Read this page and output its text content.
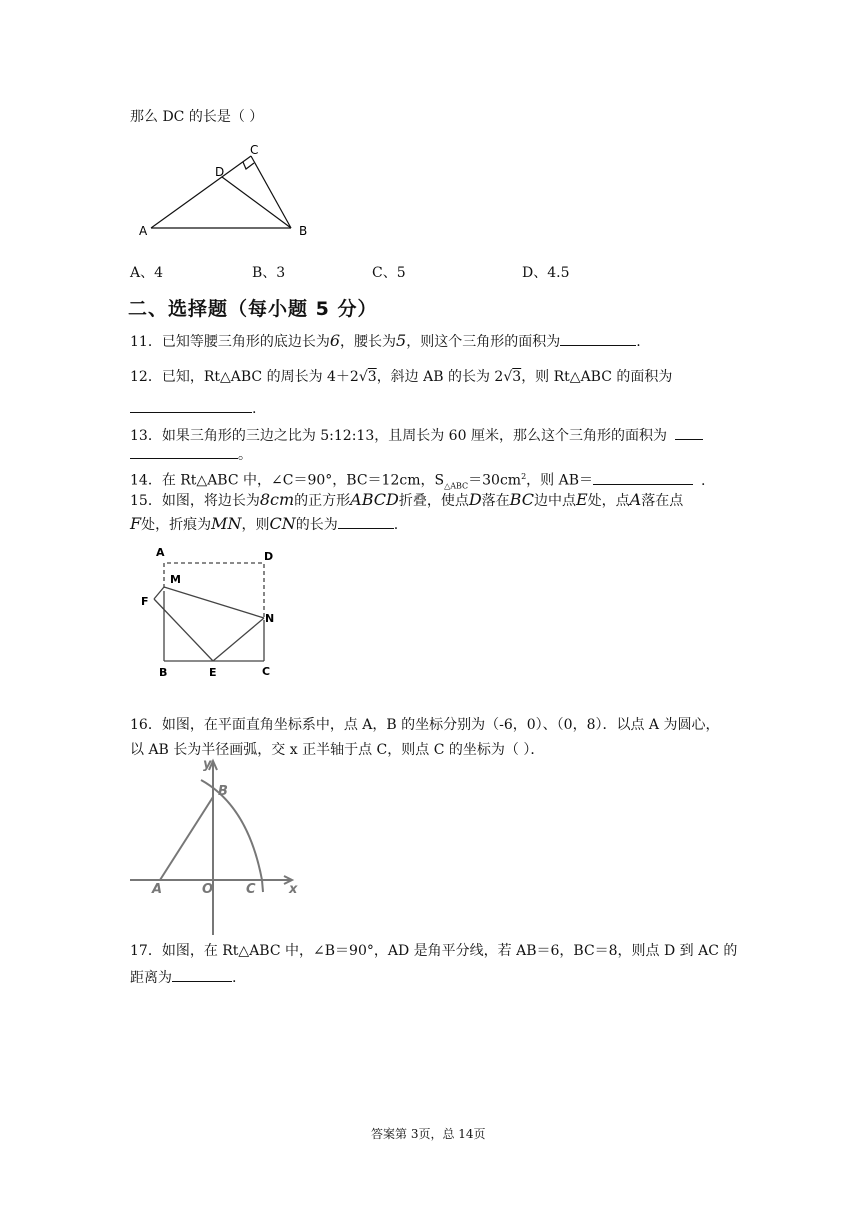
那么 DC 的长是（ ）
A	B
C
D
A、4	B、3	C、5	D、4.5
二、选择题（每小题 5 分）
11．已知等腰三角形的底边长为6，腰长为5，则这个三角形的面积为	.
12．已知，Rt△ABC 的周长为 4＋2√3，斜边 AB 的长为 2√3，则 Rt△ABC 的面积为
.
13．如果三角形的三边之比为 5:12:13，且周长为 60 厘米，那么这个三角形的面积为
。
14．在 Rt△ABC 中，∠C＝90°，BC＝12cm，$S_{\triangle ABC}=30cm^2$，则 AB＝	.
15．如图，将边长为8cm的正方形ABCD折叠，使点D落在BC边中点E处，点A落在点
F处，折痕为MN，则CN的长为	.
A	D
M
F
N
B	E	C
16．如图，在平面直角坐标系中，点 A，B 的坐标分别为（-6，0）、（0，8）．以点 A 为圆心，
以 AB 长为半径画弧，交 x 正半轴于点 C，则点 C 的坐标为（ ）．
y
B
A	O	C	x
17．如图，在 Rt△ABC 中，∠B＝90°，AD 是角平分线，若 AB＝6，BC＝8，则点 D 到 AC 的
距离为	.
答案第 3页，总 14页
